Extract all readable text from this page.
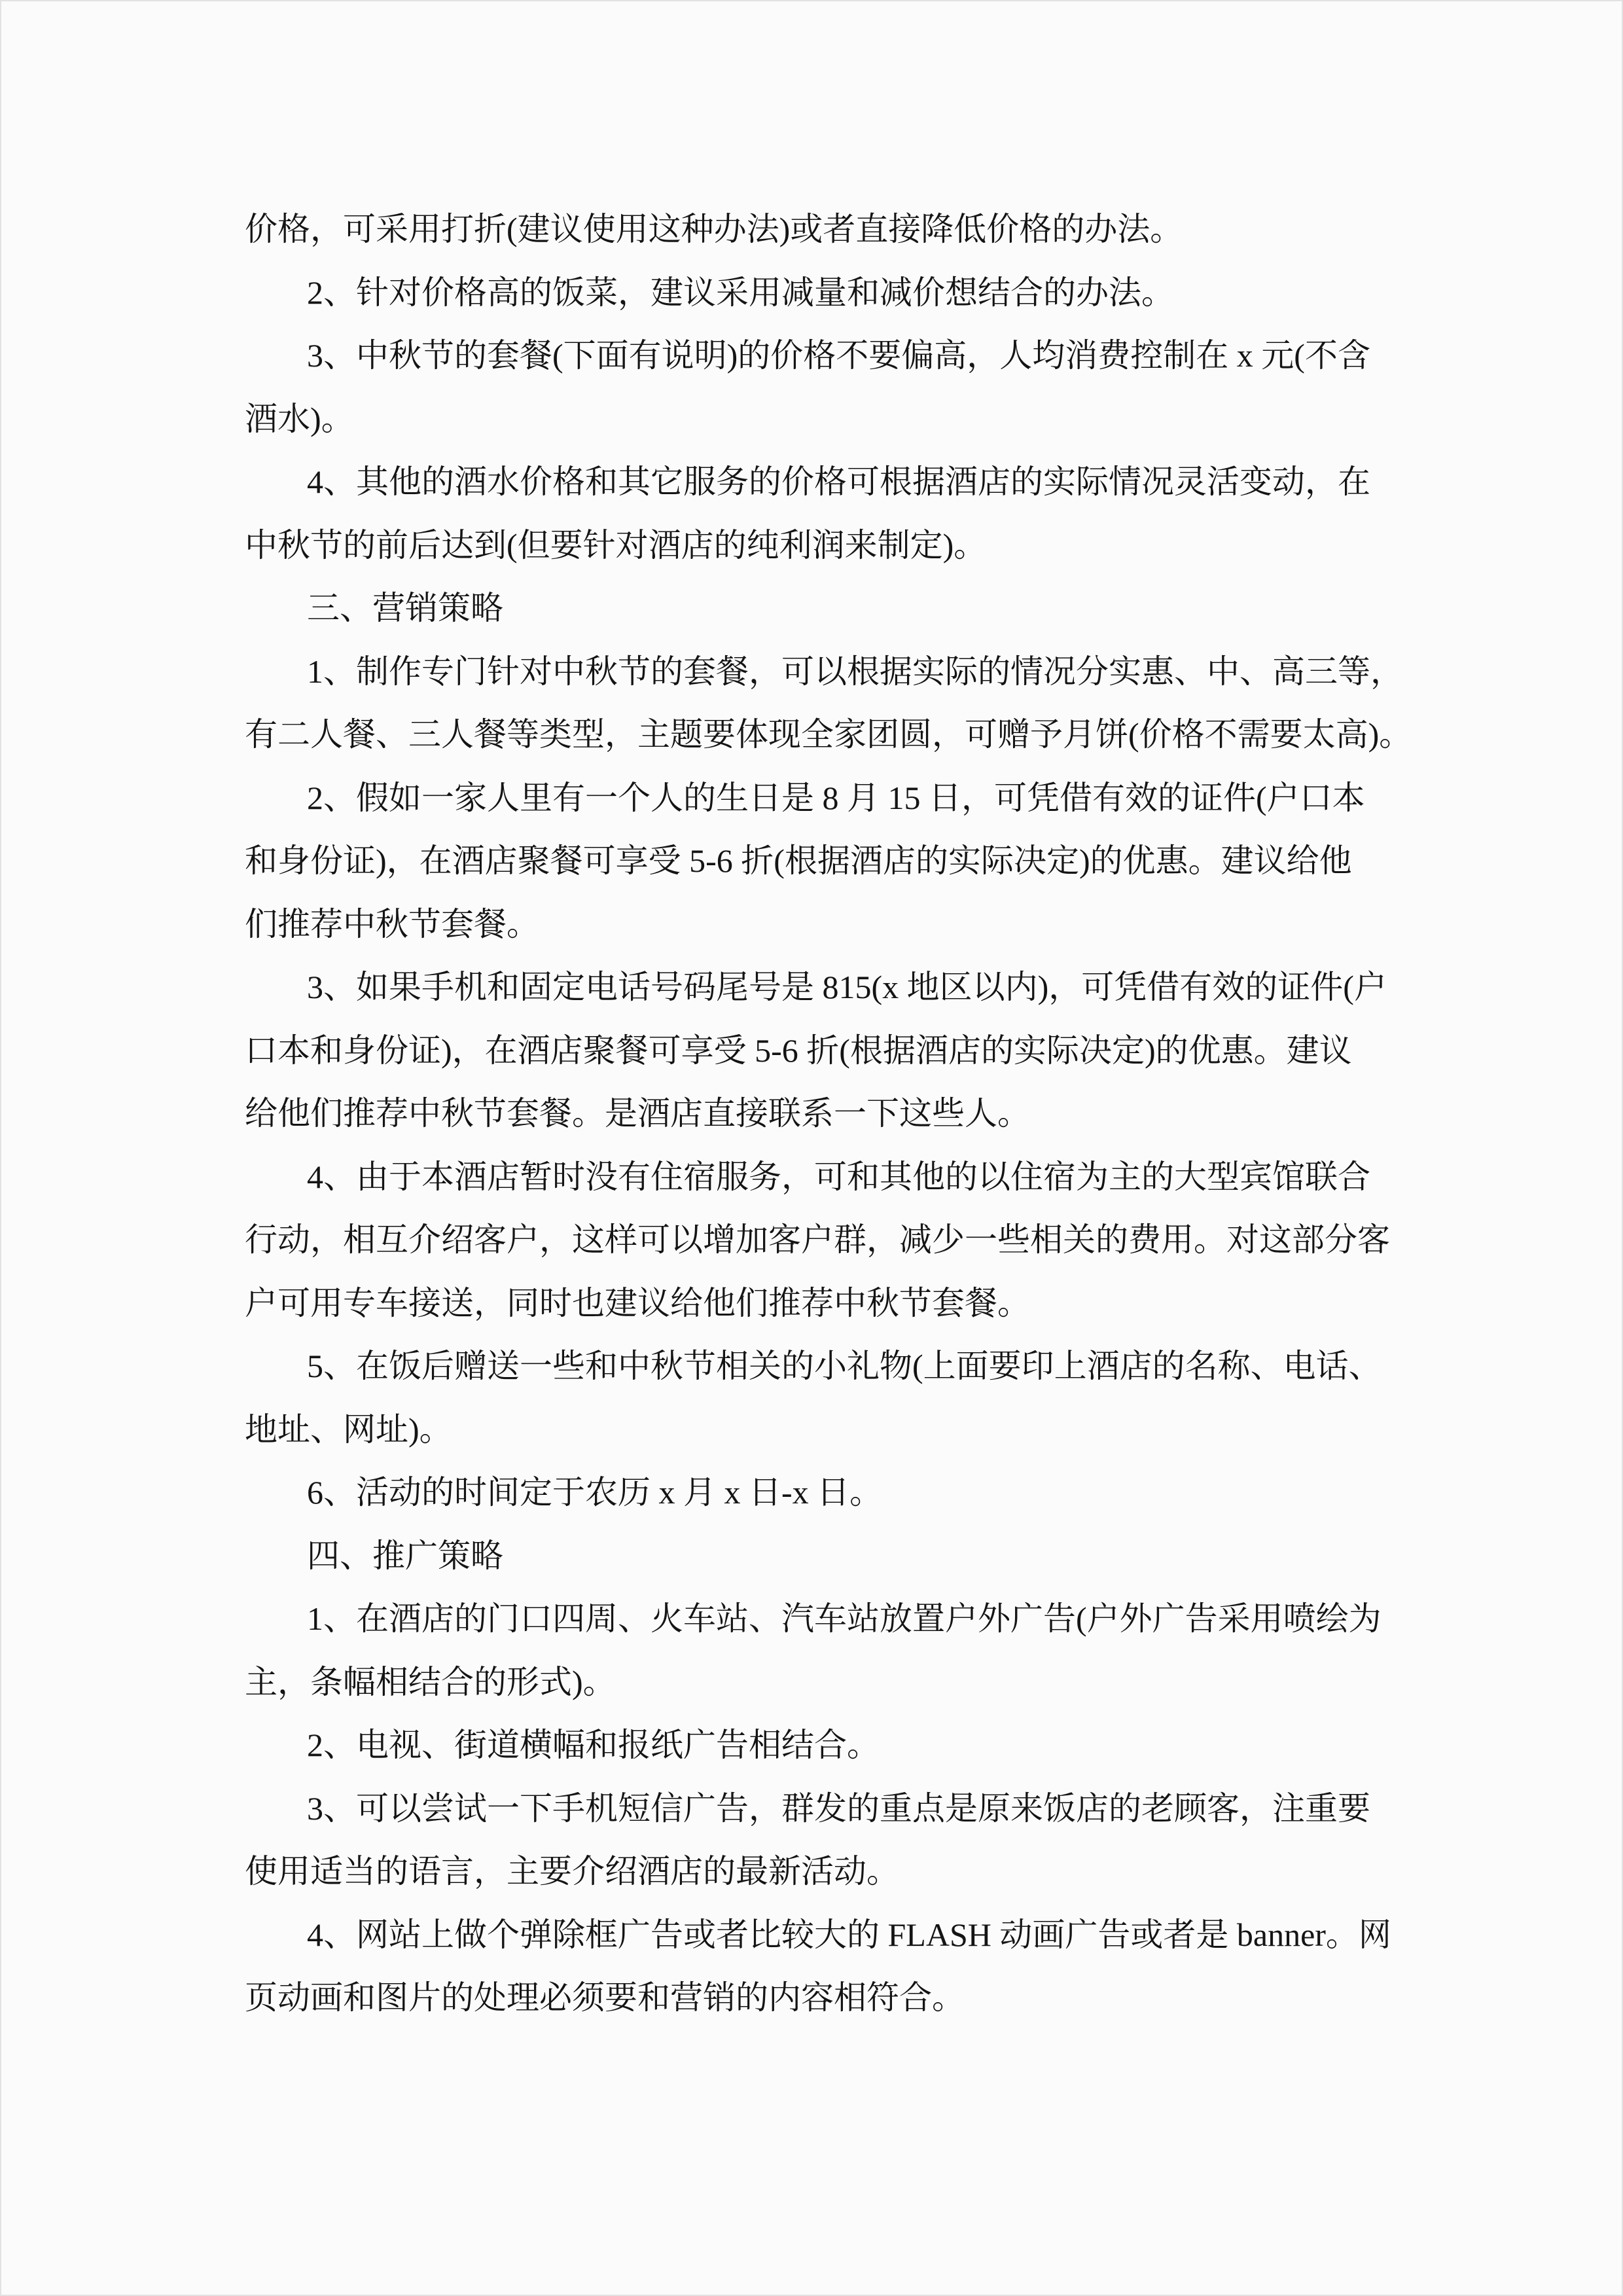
价格，可采用打折(建议使用这种办法)或者直接降低价格的办法。
2、针对价格高的饭菜，建议采用减量和减价想结合的办法。
3、中秋节的套餐(下面有说明)的价格不要偏高，人均消费控制在 x 元(不含
酒水)。
4、其他的酒水价格和其它服务的价格可根据酒店的实际情况灵活变动，在
中秋节的前后达到(但要针对酒店的纯利润来制定)。
三、营销策略
1、制作专门针对中秋节的套餐，可以根据实际的情况分实惠、中、高三等，
有二人餐、三人餐等类型，主题要体现全家团圆，可赠予月饼(价格不需要太高)。
2、假如一家人里有一个人的生日是 8 月 15 日，可凭借有效的证件(户口本
和身份证)，在酒店聚餐可享受 5-6 折(根据酒店的实际决定)的优惠。建议给他
们推荐中秋节套餐。
3、如果手机和固定电话号码尾号是 815(x 地区以内)，可凭借有效的证件(户
口本和身份证)，在酒店聚餐可享受 5-6 折(根据酒店的实际决定)的优惠。建议
给他们推荐中秋节套餐。是酒店直接联系一下这些人。
4、由于本酒店暂时没有住宿服务，可和其他的以住宿为主的大型宾馆联合
行动，相互介绍客户，这样可以增加客户群，减少一些相关的费用。对这部分客
户可用专车接送，同时也建议给他们推荐中秋节套餐。
5、在饭后赠送一些和中秋节相关的小礼物(上面要印上酒店的名称、电话、
地址、网址)。
6、活动的时间定于农历 x 月 x 日-x 日。
四、推广策略
1、在酒店的门口四周、火车站、汽车站放置户外广告(户外广告采用喷绘为
主，条幅相结合的形式)。
2、电视、街道横幅和报纸广告相结合。
3、可以尝试一下手机短信广告，群发的重点是原来饭店的老顾客，注重要
使用适当的语言，主要介绍酒店的最新活动。
4、网站上做个弹除框广告或者比较大的 FLASH 动画广告或者是 banner。网
页动画和图片的处理必须要和营销的内容相符合。
